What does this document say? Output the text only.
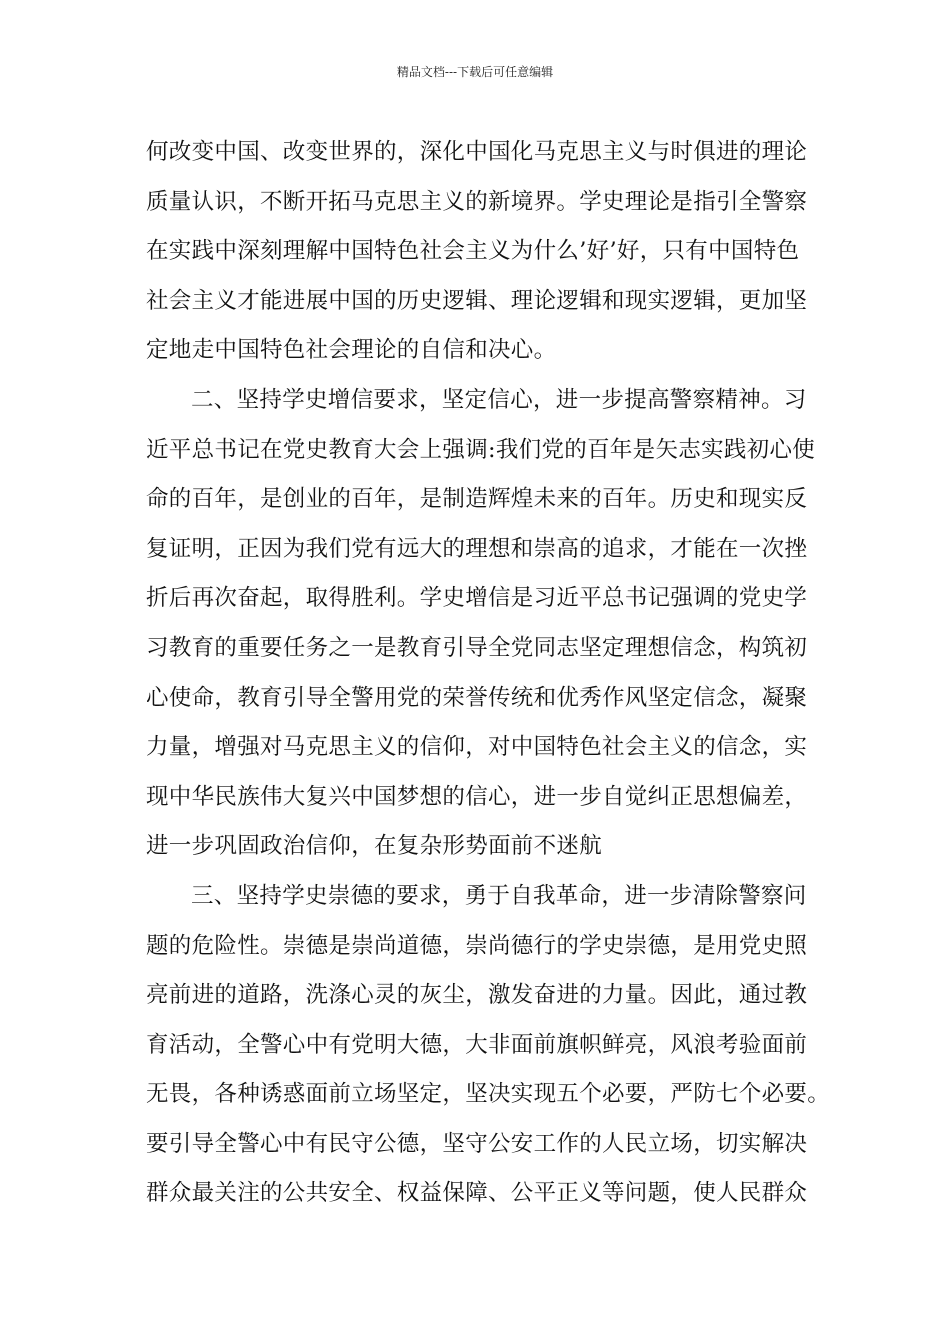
精品文档---下载后可任意编辑
何改变中国、改变世界的，深化中国化马克思主义与时俱进的理论
质量认识，不断开拓马克思主义的新境界。学史理论是指引全警察
在实践中深刻理解中国特色社会主义为什么’好’好，只有中国特色
社会主义才能进展中国的历史逻辑、理论逻辑和现实逻辑，更加坚
定地走中国特色社会理论的自信和决心。
二、坚持学史增信要求，坚定信心，进一步提高警察精神。习
近平总书记在党史教育大会上强调:我们党的百年是矢志实践初心使
命的百年，是创业的百年，是制造辉煌未来的百年。历史和现实反
复证明，正因为我们党有远大的理想和崇高的追求，才能在一次挫
折后再次奋起，取得胜利。学史增信是习近平总书记强调的党史学
习教育的重要任务之一是教育引导全党同志坚定理想信念，构筑初
心使命，教育引导全警用党的荣誉传统和优秀作风坚定信念，凝聚
力量，增强对马克思主义的信仰，对中国特色社会主义的信念，实
现中华民族伟大复兴中国梦想的信心，进一步自觉纠正思想偏差，
进一步巩固政治信仰，在复杂形势面前不迷航
三、坚持学史崇德的要求，勇于自我革命，进一步清除警察问
题的危险性。崇德是崇尚道德，崇尚德行的学史崇德，是用党史照
亮前进的道路，洗涤心灵的灰尘，激发奋进的力量。因此，通过教
育活动，全警心中有党明大德，大非面前旗帜鲜亮，风浪考验面前
无畏，各种诱惑面前立场坚定，坚决实现五个必要，严防七个必要。
要引导全警心中有民守公德，坚守公安工作的人民立场，切实解决
群众最关注的公共安全、权益保障、公平正义等问题，使人民群众
